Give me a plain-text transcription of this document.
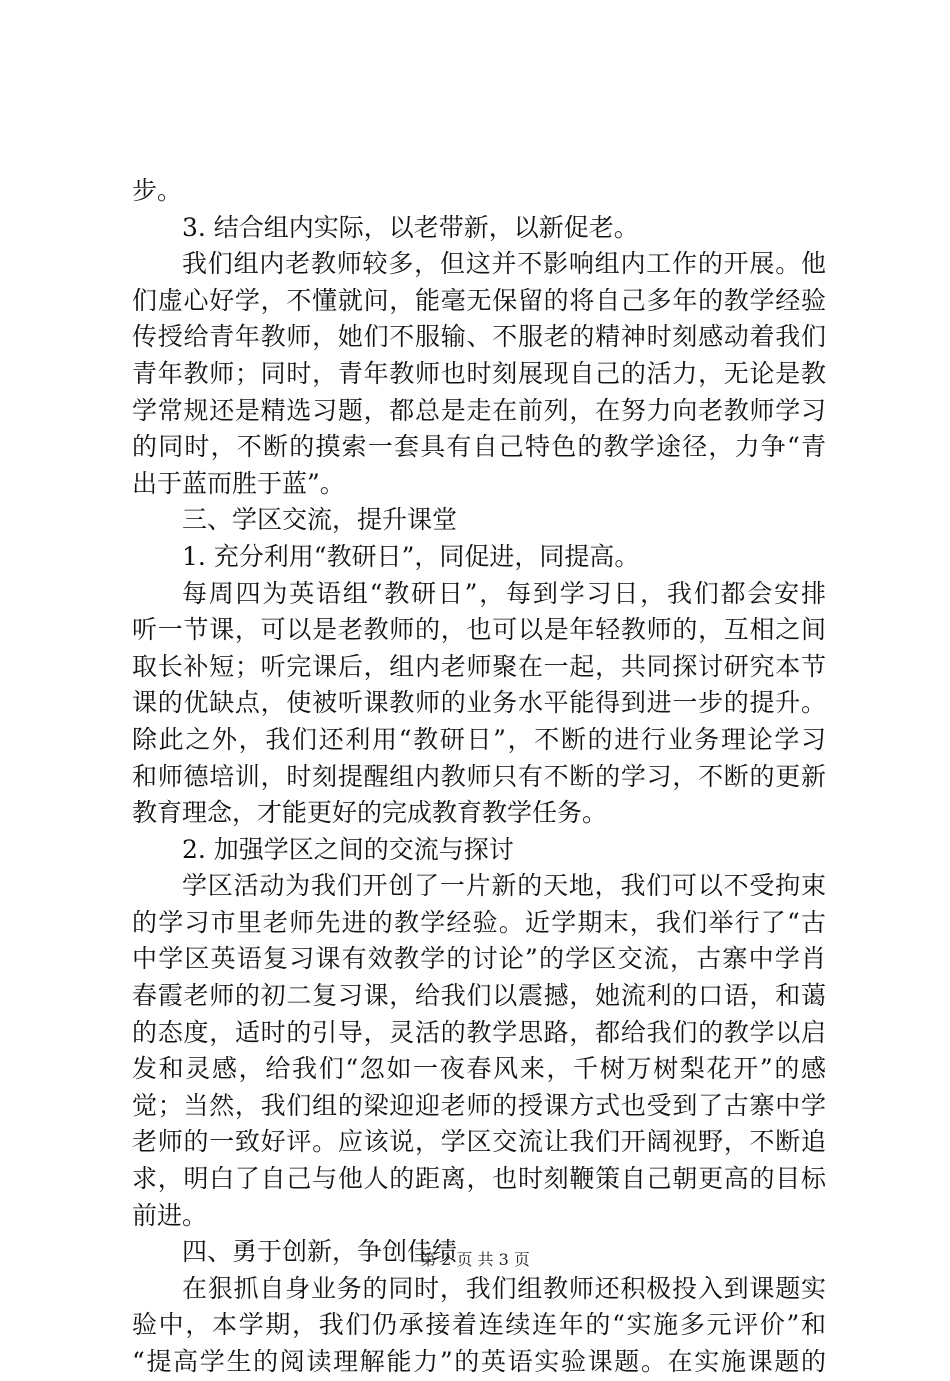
步。
3. 结合组内实际，以老带新，以新促老。
我们组内老教师较多，但这并不影响组内工作的开展。他
们虚心好学，不懂就问，能毫无保留的将自己多年的教学经验
传授给青年教师，她们不服输、不服老的精神时刻感动着我们
青年教师；同时，青年教师也时刻展现自己的活力，无论是教
学常规还是精选习题，都总是走在前列，在努力向老教师学习
的同时，不断的摸索一套具有自己特色的教学途径，力争“青
出于蓝而胜于蓝”。
三、学区交流，提升课堂
1. 充分利用“教研日”，同促进，同提高。
每周四为英语组“教研日”，每到学习日，我们都会安排
听一节课，可以是老教师的，也可以是年轻教师的，互相之间
取长补短；听完课后，组内老师聚在一起，共同探讨研究本节
课的优缺点，使被听课教师的业务水平能得到进一步的提升。
除此之外，我们还利用“教研日”，不断的进行业务理论学习
和师德培训，时刻提醒组内教师只有不断的学习，不断的更新
教育理念，才能更好的完成教育教学任务。
2. 加强学区之间的交流与探讨
学区活动为我们开创了一片新的天地，我们可以不受拘束
的学习市里老师先进的教学经验。近学期末，我们举行了“古
中学区英语复习课有效教学的讨论”的学区交流，古寨中学肖
春霞老师的初二复习课，给我们以震撼，她流利的口语，和蔼
的态度，适时的引导，灵活的教学思路，都给我们的教学以启
发和灵感，给我们“忽如一夜春风来，千树万树梨花开”的感
觉；当然，我们组的梁迎迎老师的授课方式也受到了古寨中学
老师的一致好评。应该说，学区交流让我们开阔视野，不断追
求，明白了自己与他人的距离，也时刻鞭策自己朝更高的目标
前进。
四、勇于创新，争创佳绩
在狠抓自身业务的同时，我们组教师还积极投入到课题实
验中，本学期，我们仍承接着连续连年的“实施多元评价”和
“提高学生的阅读理解能力”的英语实验课题。在实施课题的
第 2 页 共 3 页
